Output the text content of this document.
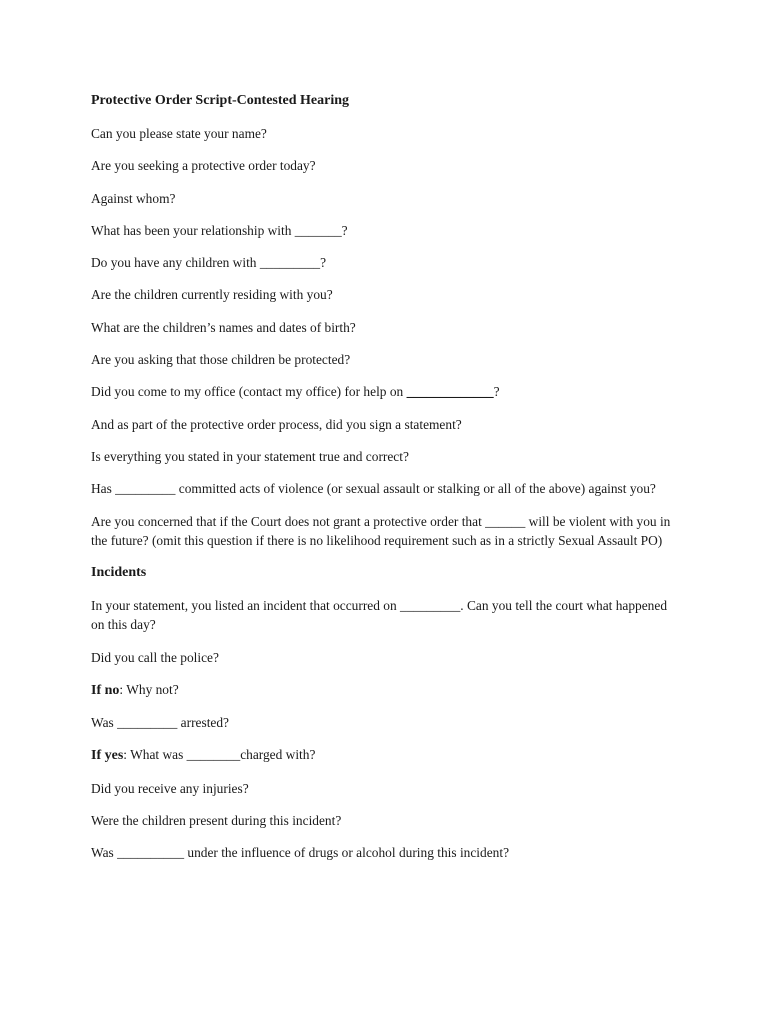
Protective Order Script-Contested Hearing

Can you please state your name?

Are you seeking a protective order today?

Against whom?

What has been your relationship with _______?

Do you have any children with _________?

Are the children currently residing with you?

What are the children’s names and dates of birth?

Are you asking that those children be protected?

Did you come to my office (contact my office) for help on _____________?

And as part of the protective order process, did you sign a statement?

Is everything you stated in your statement true and correct?

Has _________ committed acts of violence (or sexual assault or stalking or all of the above) against you?

Are you concerned that if the Court does not grant a protective order that ______ will be violent with you in the future? (omit this question if there is no likelihood requirement such as in a strictly Sexual Assault PO)

Incidents

In your statement, you listed an incident that occurred on _________. Can you tell the court what happened on this day?

Did you call the police?

If no: Why not?

Was _________ arrested?

If yes: What was ________charged with?

Did you receive any injuries?

Were the children present during this incident?

Was __________ under the influence of drugs or alcohol during this incident?
